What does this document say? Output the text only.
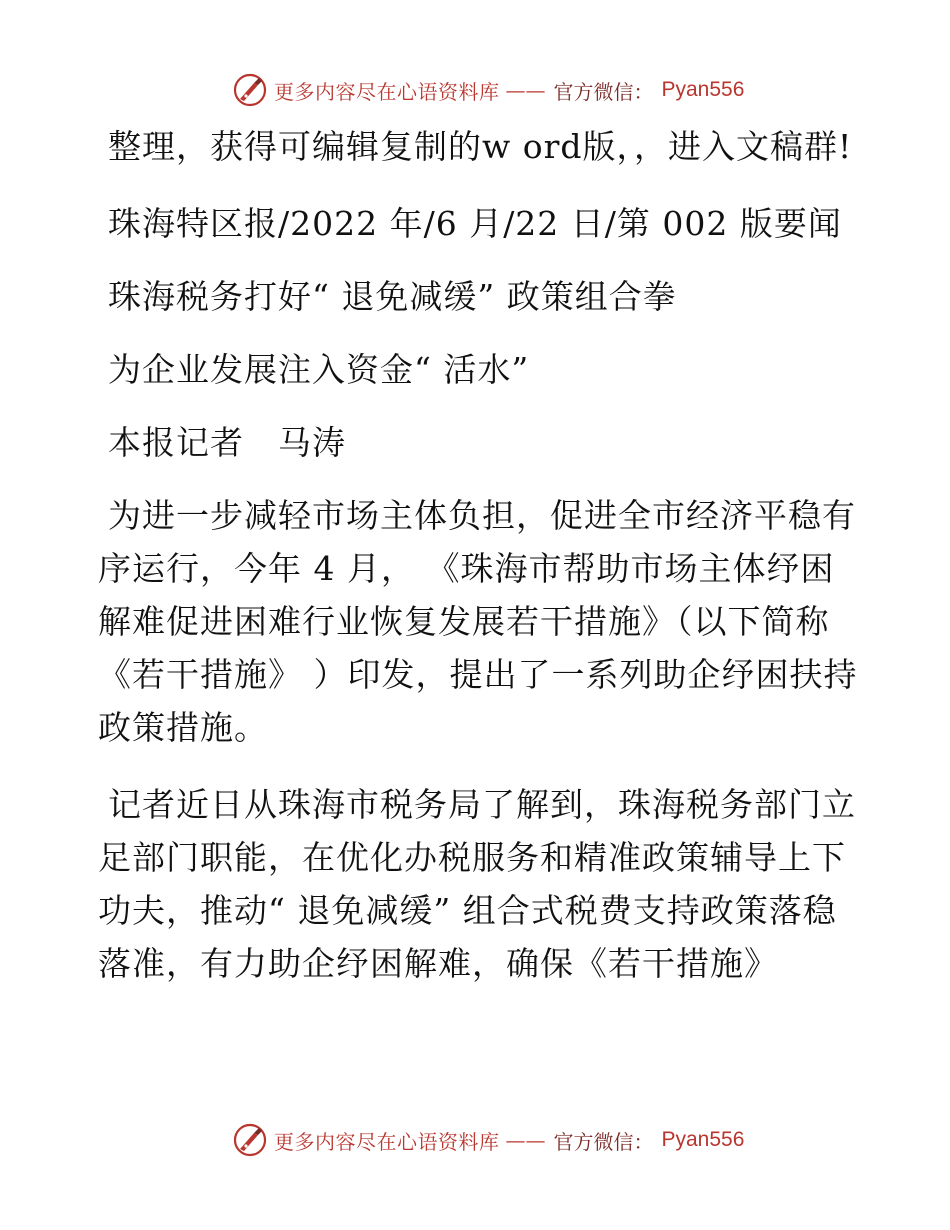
更多内容尽在心语资料库 —— 官方微信： Pyan556

整理，获得可编辑复制的w ord版，，进入文稿群!

珠海特区报/2022 年/6 月/22 日/第 002 版要闻

珠海税务打好“ 退免减缓” 政策组合拳

为企业发展注入资金“ 活水”

本报记者　马涛

为进一步减轻市场主体负担，促进全市经济平稳有序运行，今年 4 月， 《珠海市帮助市场主体纾困解难促进困难行业恢复发展若干措施》（以下简称《若干措施》 ）印发，提出了一系列助企纾困扶持政策措施。

记者近日从珠海市税务局了解到，珠海税务部门立足部门职能，在优化办税服务和精准政策辅导上下功夫，推动“ 退免减缓” 组合式税费支持政策落稳落准，有力助企纾困解难，确保《若干措施》

更多内容尽在心语资料库 —— 官方微信： Pyan556
